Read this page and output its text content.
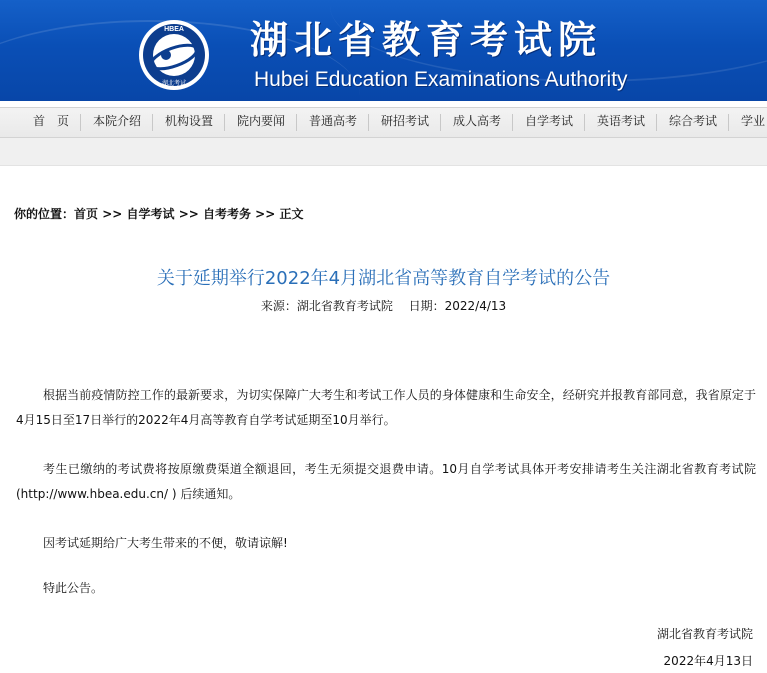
HBEA
湖北考试
湖北省教育考试院
Hubei Education Examinations Authority
首　页 本院介绍 机构设置 院内要闻 普通高考 研招考试 成人高考 自学考试 英语考试 综合考试 学业
你的位置：首页 >> 自学考试 >> 自考考务 >> 正文
关于延期举行2022年4月湖北省高等教育自学考试的公告
来源：湖北省教育考试院　 日期：2022/4/13
根据当前疫情防控工作的最新要求，为切实保障广大考生和考试工作人员的身体健康和生命安全，经研究并报教育部同意，我省原定于4月15日至17日举行的2022年4月高等教育自学考试延期至10月举行。
考生已缴纳的考试费将按原缴费渠道全额退回，考生无须提交退费申请。10月自学考试具体开考安排请考生关注湖北省教育考试院(http://www.hbea.edu.cn/ ) 后续通知。
因考试延期给广大考生带来的不便，敬请谅解!
特此公告。
湖北省教育考试院
2022年4月13日
